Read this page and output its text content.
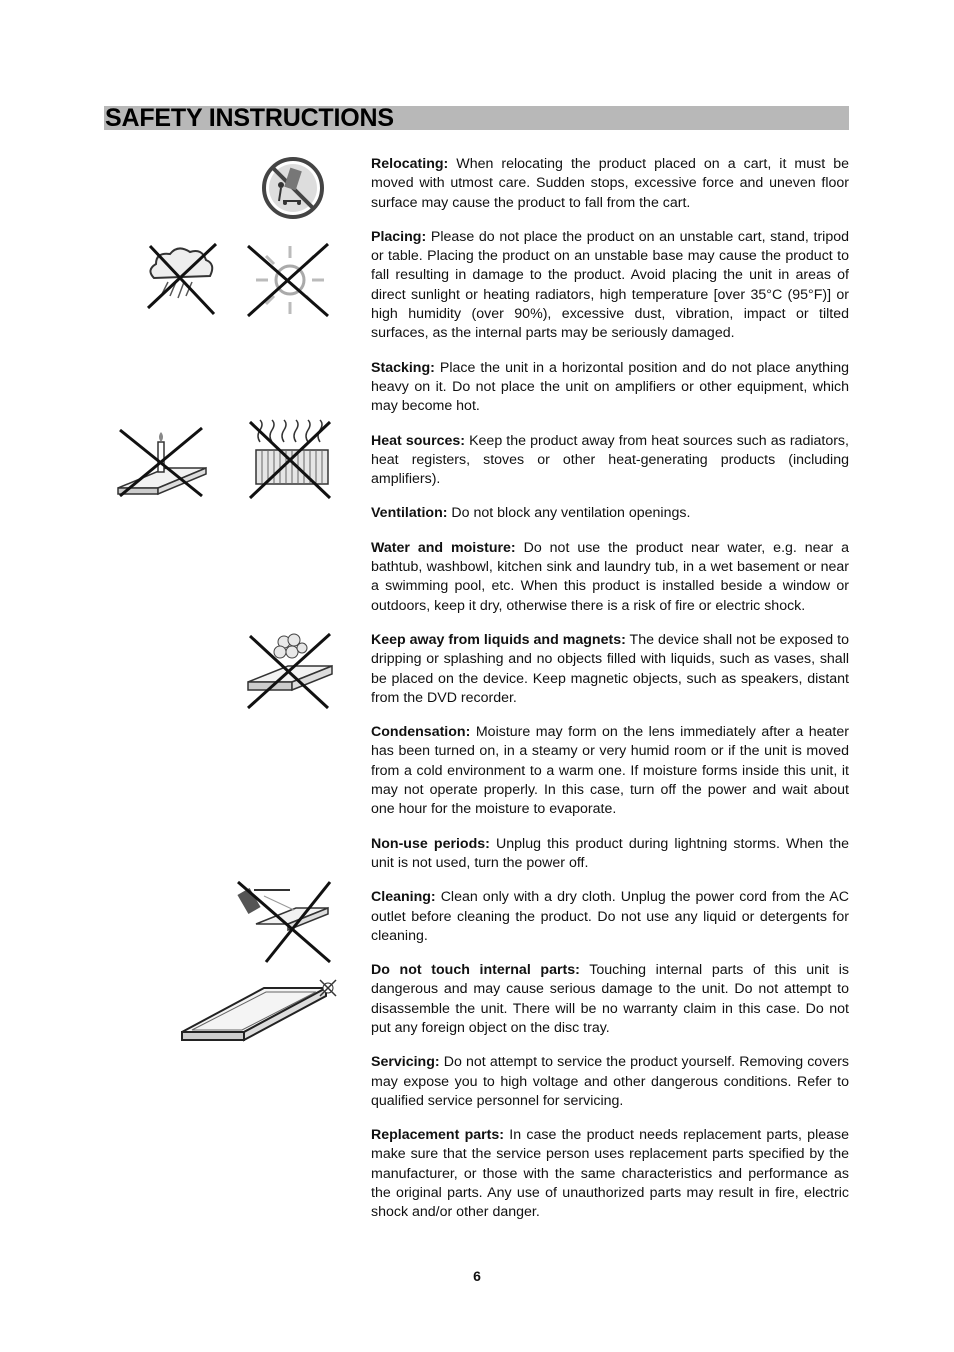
SAFETY INSTRUCTIONS

Relocating: When relocating the product placed on a cart, it must be moved with utmost care. Sudden stops, excessive force and uneven floor surface may cause the product to fall from the cart.

Placing: Please do not place the product on an unstable cart, stand, tripod or table. Placing the product on an unstable base may cause the product to fall resulting in damage to the product. Avoid placing the unit in areas of direct sunlight or heating radiators, high temperature [over 35°C (95°F)] or high humidity (over 90%), excessive dust, vibration, impact or tilted surfaces, as the internal parts may be seriously damaged.

Stacking: Place the unit in a horizontal position and do not place anything heavy on it. Do not place the unit on amplifiers or other equipment, which may become hot.

Heat sources: Keep the product away from heat sources such as radiators, heat registers, stoves or other heat-generating products (including amplifiers).

Ventilation: Do not block any ventilation openings.

Water and moisture: Do not use the product near water, e.g. near a bathtub, washbowl, kitchen sink and laundry tub, in a wet basement or near a swimming pool, etc. When this product is installed beside a window or outdoors, keep it dry, otherwise there is a risk of fire or electric shock.

Keep away from liquids and magnets: The device shall not be exposed to dripping or splashing and no objects filled with liquids, such as vases, shall be placed on the device. Keep magnetic objects, such as speakers, distant from the DVD recorder.

Condensation: Moisture may form on the lens immediately after a heater has been turned on, in a steamy or very humid room or if the unit is moved from a cold environment to a warm one. If moisture forms inside this unit, it may not operate properly. In this case, turn off the power and wait about one hour for the moisture to evaporate.

Non-use periods: Unplug this product during lightning storms. When the unit is not used, turn the power off.

Cleaning: Clean only with a dry cloth. Unplug the power cord from the AC outlet before cleaning the product. Do not use any liquid or detergents for cleaning.

Do not touch internal parts: Touching internal parts of this unit is dangerous and may cause serious damage to the unit. Do not attempt to disassemble the unit. There will be no warranty claim in this case. Do not put any foreign object on the disc tray.

Servicing: Do not attempt to service the product yourself. Removing covers may expose you to high voltage and other dangerous conditions. Refer to qualified service personnel for servicing.

Replacement parts: In case the product needs replacement parts, please make sure that the service person uses replacement parts specified by the manufacturer, or those with the same characteristics and performance as the original parts. Any use of unauthorized parts may result in fire, electric shock and/or other danger.

6
